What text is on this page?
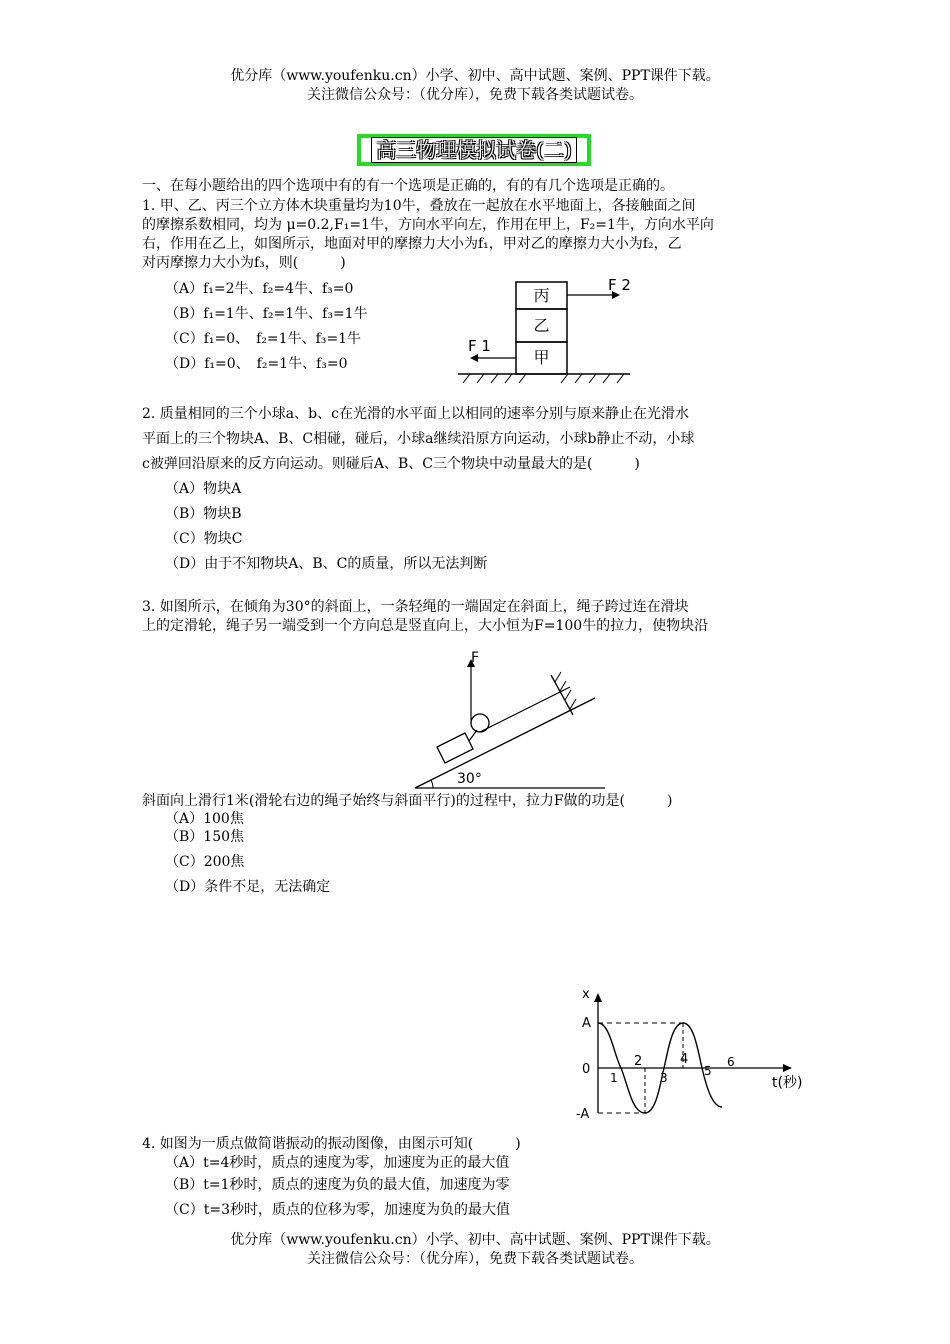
优分库（www.youfenku.cn）小学、初中、高中试题、案例、PPT课件下载。
关注微信公众号：（优分库），免费下载各类试题试卷。
高三物理模拟试卷(二)
一、在每小题给出的四个选项中有的有一个选项是正确的，有的有几个选项是正确的。
1. 甲、乙、丙三个立方体木块重量均为10牛，叠放在一起放在水平地面上，各接触面之间
的摩擦系数相同，均为 μ=0.2,F₁=1牛，方向水平向左，作用在甲上，F₂=1牛，方向水平向
右，作用在乙上，如图所示，地面对甲的摩擦力大小为f₁，甲对乙的摩擦力大小为f₂，乙
对丙摩擦力大小为f₃，则(　　　)
（A）f₁=2牛、f₂=4牛、f₃=0
（B）f₁=1牛、f₂=1牛、f₃=1牛
（C）f₁=0、　f₂=1牛、f₃=1牛
（D）f₁=0、　f₂=1牛、f₃=0
丙
乙
甲
F 2
F 1
2. 质量相同的三个小球a、b、c在光滑的水平面上以相同的速率分别与原来静止在光滑水
平面上的三个物块A、B、C相碰，碰后，小球a继续沿原方向运动，小球b静止不动，小球
c被弹回沿原来的反方向运动。则碰后A、B、C三个物块中动量最大的是(　　　)
（A）物块A
（B）物块B
（C）物块C
（D）由于不知物块A、B、C的质量，所以无法判断
3. 如图所示，在倾角为30°的斜面上，一条轻绳的一端固定在斜面上，绳子跨过连在滑块
上的定滑轮，绳子另一端受到一个方向总是竖直向上，大小恒为F=100牛的拉力，使物块沿
F
30°
斜面向上滑行1米(滑轮右边的绳子始终与斜面平行)的过程中，拉力F做的功是(　　　)
（A）100焦
（B）150焦
（C）200焦
（D）条件不足，无法确定
x
t(秒)
A
0
-A
1
2
3
4
5
6
4. 如图为一质点做简谐振动的振动图像，由图示可知(　　　)
（A）t=4秒时，质点的速度为零，加速度为正的最大值
（B）t=1秒时，质点的速度为负的最大值，加速度为零
（C）t=3秒时，质点的位移为零，加速度为负的最大值
优分库（www.youfenku.cn）小学、初中、高中试题、案例、PPT课件下载。
关注微信公众号：（优分库），免费下载各类试题试卷。
